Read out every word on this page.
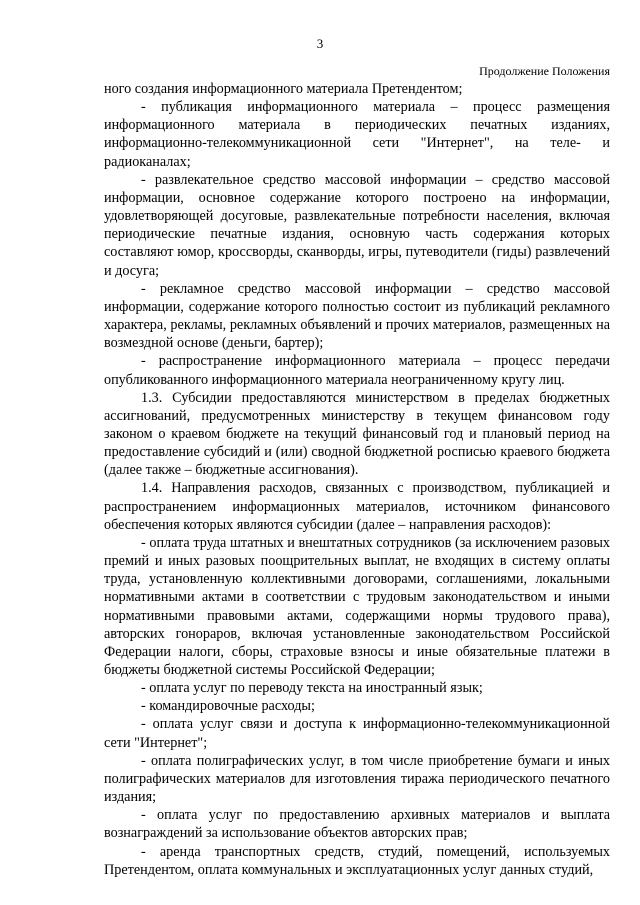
3
Продолжение Положения

ного создания информационного материала Претендентом;

- публикация информационного материала – процесс размещения информационного материала в периодических печатных изданиях, информационно-телекоммуникационной сети "Интернет", на теле- и радиоканалах;

- развлекательное средство массовой информации – средство массовой информации, основное содержание которого построено на информации, удовлетворяющей досуговые, развлекательные потребности населения, включая периодические печатные издания, основную часть содержания которых составляют юмор, кроссворды, сканворды, игры, путеводители (гиды) развлечений и досуга;

- рекламное средство массовой информации – средство массовой информации, содержание которого полностью состоит из публикаций рекламного характера, рекламы, рекламных объявлений и прочих материалов, размещенных на возмездной основе (деньги, бартер);

- распространение информационного материала – процесс передачи опубликованного информационного материала неограниченному кругу лиц.

1.3. Субсидии предоставляются министерством в пределах бюджетных ассигнований, предусмотренных министерству в текущем финансовом году законом о краевом бюджете на текущий финансовый год и плановый период на предоставление субсидий и (или) сводной бюджетной росписью краевого бюджета (далее также – бюджетные ассигнования).

1.4. Направления расходов, связанных с производством, публикацией и распространением информационных материалов, источником финансового обеспечения которых являются субсидии (далее – направления расходов):

- оплата труда штатных и внештатных сотрудников (за исключением разовых премий и иных разовых поощрительных выплат, не входящих в систему оплаты труда, установленную коллективными договорами, соглашениями, локальными нормативными актами в соответствии с трудовым законодательством и иными нормативными правовыми актами, содержащими нормы трудового права), авторских гонораров, включая установленные законодательством Российской Федерации налоги, сборы, страховые взносы и иные обязательные платежи в бюджеты бюджетной системы Российской Федерации;

- оплата услуг по переводу текста на иностранный язык;

- командировочные расходы;

- оплата услуг связи и доступа к информационно-телекоммуникационной сети "Интернет";

- оплата полиграфических услуг, в том числе приобретение бумаги и иных полиграфических материалов для изготовления тиража периодического печатного издания;

- оплата услуг по предоставлению архивных материалов и выплата вознаграждений за использование объектов авторских прав;

- аренда транспортных средств, студий, помещений, используемых Претендентом, оплата коммунальных и эксплуатационных услуг данных студий,
